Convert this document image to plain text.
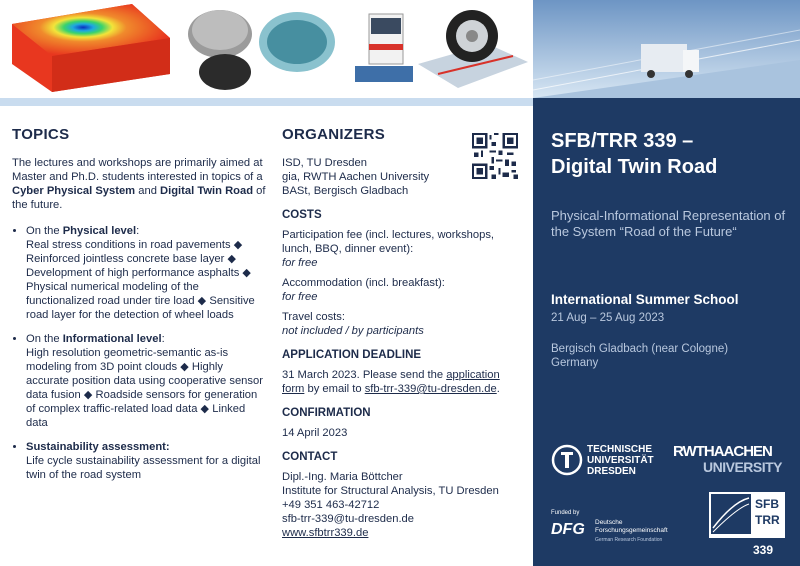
TOPICS

The lectures and workshops are primarily aimed at Master and Ph.D. students interested in topics of a Cyber Physical System and Digital Twin Road of the future.

• On the Physical level:
Real stress conditions in road pavements ◆ Reinforced jointless concrete base layer ◆ Development of high performance asphalts ◆ Physical numerical modeling of the functionalized road under tire load ◆ Sensitive road layer for the detection of wheel loads
• On the Informational level:
High resolution geometric-semantic as-is modeling from 3D point clouds ◆ Highly accurate position data using cooperative sensor data fusion ◆ Roadside sensors for generation of complex traffic-related load data ◆ Linked data
• Sustainability assessment:
Life cycle sustainability assessment for a digital twin of the road system
ORGANIZERS

ISD, TU Dresden

gia, RWTH Aachen University

BASt, Bergisch Gladbach

COSTS

Participation fee (incl. lectures, workshops, lunch, BBQ, dinner event):

for free

Accommodation (incl. breakfast):

for free

Travel costs:

not included / by participants

APPLICATION DEADLINE

31 March 2023. Please send the application form by email to sfb-trr-339@tu-dresden.de.

CONFIRMATION

14 April 2023

CONTACT

Dipl.-Ing. Maria Böttcher

Institute for Structural Analysis, TU Dresden

+49 351 463-42712

sfb-trr-339@tu-dresden.de

www.sfbtrr339.de

SFB/TRR 339 –
Digital Twin Road
Physical-Informational Representation of the System “Road of the Future“
International Summer School
21 Aug – 25 Aug 2023
Bergisch Gladbach (near Cologne)
Germany
TECHNISCHE
UNIVERSITÄT
DRESDEN
RWTHAACHEN
UNIVERSITY
Funded by
DFG Deutsche
Forschungsgemeinschaft
German Research Foundation
SFB
TRR
339
